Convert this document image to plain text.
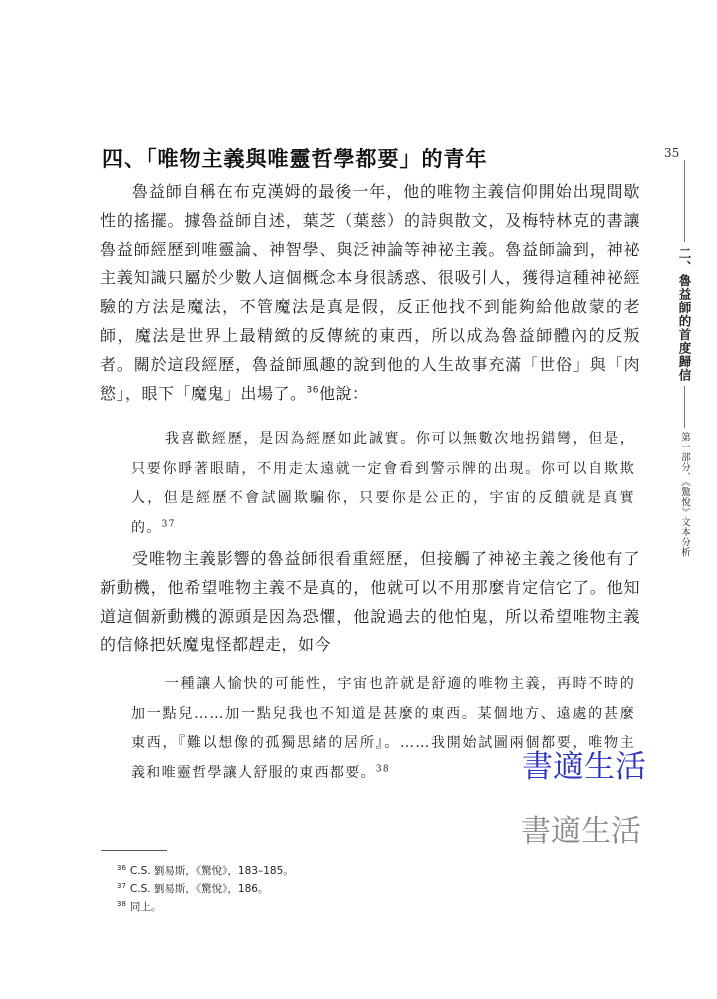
四、「唯物主義與唯靈哲學都要」的青年	35

魯益師自稱在布克漢姆的最後一年，他的唯物主義信仰開始出現間歇性的搖擺。據魯益師自述，葉芝（葉慈）的詩與散文，及梅特林克的書讓魯益師經歷到唯靈論、神智學、與泛神論等神祕主義。魯益師論到，神祕主義知識只屬於少數人這個概念本身很誘惑、很吸引人，獲得這種神祕經驗的方法是魔法，不管魔法是真是假，反正他找不到能夠給他啟蒙的老師，魔法是世界上最精緻的反傳統的東西，所以成為魯益師體內的反叛者。關於這段經歷，魯益師風趣的說到他的人生故事充滿「世俗」與「肉慾」，眼下「魔鬼」出場了。$^{36}$他說：

我喜歡經歷，是因為經歷如此誠實。你可以無數次地拐錯彎，但是，只要你睜著眼睛，不用走太遠就一定會看到警示牌的出現。你可以自欺欺人，但是經歷不會試圖欺騙你，只要你是公正的，宇宙的反饋就是真實的。$^{37}$

受唯物主義影響的魯益師很看重經歷，但接觸了神祕主義之後他有了新動機，他希望唯物主義不是真的，他就可以不用那麼肯定信它了。他知道這個新動機的源頭是因為恐懼，他說過去的他怕鬼，所以希望唯物主義的信條把妖魔鬼怪都趕走，如今

一種讓人愉快的可能性，宇宙也許就是舒適的唯物主義，再時不時的加一點兒……加一點兒我也不知道是甚麼的東西。某個地方、遠處的甚麼東西，『難以想像的孤獨思緒的居所』。……我開始試圖兩個都要，唯物主義和唯靈哲學讓人舒服的東西都要。$^{38}$

二、魯益師的首度歸信
第一部分、《驚悅》文本分析
書適生活
書適生活
$^{36}$ C.S. 劉易斯，《驚悅》，183–185。
$^{37}$ C.S. 劉易斯，《驚悅》，186。
$^{38}$ 同上。
